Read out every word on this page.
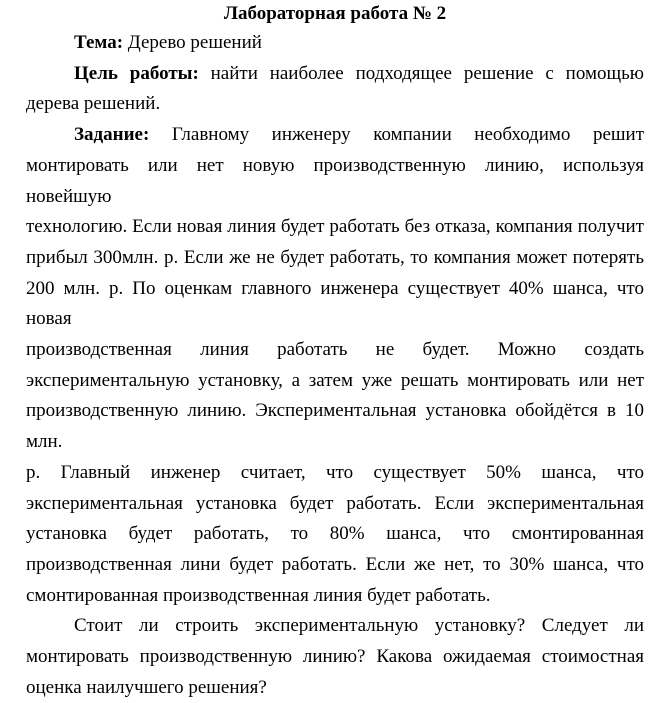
Лабораторная работа № 2

Тема: Дерево решений

Цель работы: найти наиболее подходящее решение с помощью дерева решений.

Задание: Главному инженеру компании необходимо решит
монтировать или нет новую производственную линию, используя новейшую
технологию. Если новая линия будет работать без отказа, компания получит
прибыл 300млн. р. Если же не будет работать, то компания может потерять
200 млн. р. По оценкам главного инженера существует 40% шанса, что новая
производственная линия работать не будет. Можно создать
экспериментальную установку, а затем уже решать монтировать или нет
производственную линию. Экспериментальная установка обойдётся в 10 млн.
р. Главный инженер считает, что существует 50% шанса, что
экспериментальная установка будет работать. Если экспериментальная
установка будет работать, то 80% шанса, что смонтированная
производственная лини будет работать. Если же нет, то 30% шанса, что
смонтированная производственная линия будет работать.
Стоит ли строить экспериментальную установку? Следует ли
монтировать производственную линию? Какова ожидаемая стоимостная
оценка наилучшего решения?
